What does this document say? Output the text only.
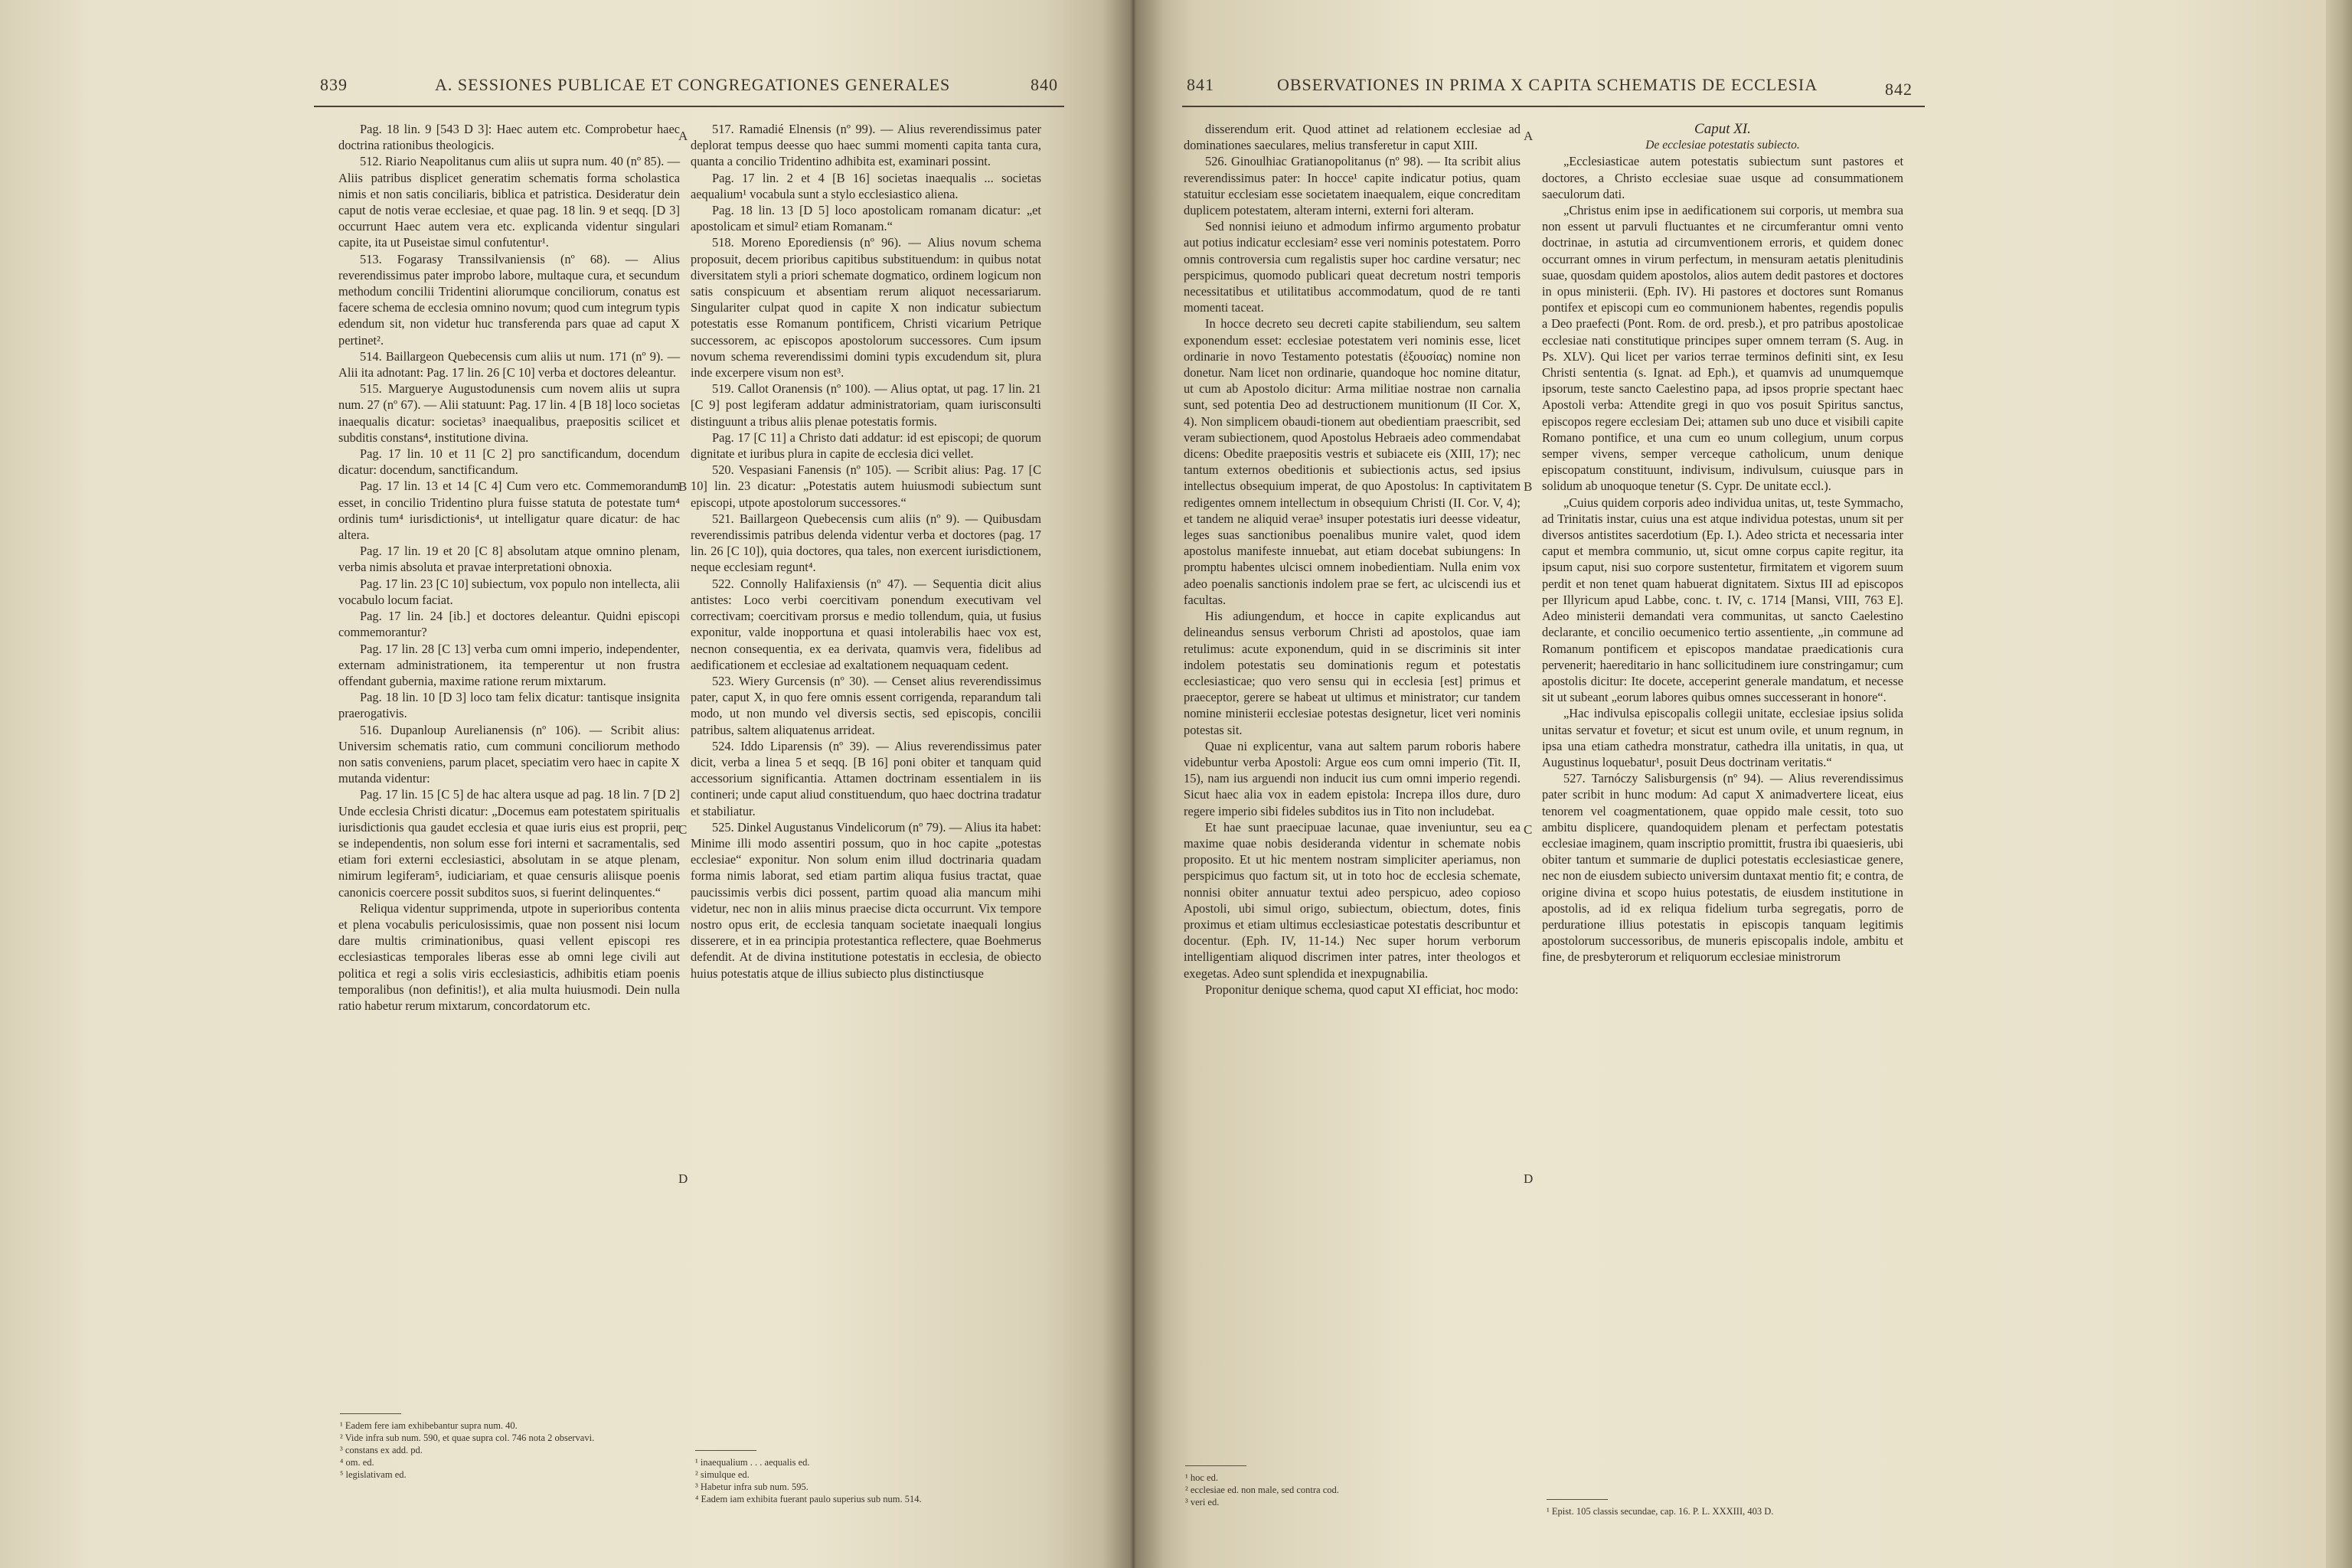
839	A. SESSIONES PUBLICAE ET CONGREGATIONES GENERALES	840

Pag. 18 lin. 9 [543 D 3]: Haec autem etc. Comprobetur haec doctrina rationibus theologicis.

512. Riario Neapolitanus cum aliis ut supra num. 40 (nº 85). — Aliis patribus displicet generatim schematis forma scholastica nimis et non satis conciliaris, biblica et patristica. Desideratur dein caput de notis verae ecclesiae, et quae pag. 18 lin. 9 et seqq. [D 3] occurrunt Haec autem vera etc. explicanda videntur singulari capite, ita ut Puseistae simul confutentur¹.

513. Fogarasy Transsilvaniensis (nº 68). — Alius reverendissimus pater improbo labore, multaque cura, et secundum methodum concilii Tridentini aliorumque conciliorum, conatus est facere schema de ecclesia omnino novum; quod cum integrum typis edendum sit, non videtur huc transferenda pars quae ad caput X pertinet².

514. Baillargeon Quebecensis cum aliis ut num. 171 (nº 9). — Alii ita adnotant: Pag. 17 lin. 26 [C 10] verba et doctores deleantur.

515. Marguerye Augustodunensis cum novem aliis ut supra num. 27 (nº 67). — Alii statuunt: Pag. 17 lin. 4 [B 18] loco societas inaequalis dicatur: societas³ inaequalibus, praepositis scilicet et subditis constans⁴, institutione divina.

Pag. 17 lin. 10 et 11 [C 2] pro sanctificandum, docendum dicatur: docendum, sanctificandum.

Pag. 17 lin. 13 et 14 [C 4] Cum vero etc. Commemorandum esset, in concilio Tridentino plura fuisse statuta de potestate tum⁴ ordinis tum⁴ iurisdictionis⁴, ut intelligatur quare dicatur: de hac altera.

Pag. 17 lin. 19 et 20 [C 8] absolutam atque omnino plenam, verba nimis absoluta et pravae interpretationi obnoxia.

Pag. 17 lin. 23 [C 10] subiectum, vox populo non intellecta, alii vocabulo locum faciat.

Pag. 17 lin. 24 [ib.] et doctores deleantur. Quidni episcopi commemorantur?

Pag. 17 lin. 28 [C 13] verba cum omni imperio, independenter, externam administrationem, ita temperentur ut non frustra offendant gubernia, maxime ratione rerum mixtarum.

Pag. 18 lin. 10 [D 3] loco tam felix dicatur: tantisque insignita praerogativis.

516. Dupanloup Aurelianensis (nº 106). — Scribit alius: Universim schematis ratio, cum communi conciliorum methodo non satis conveniens, parum placet, speciatim vero haec in capite X mutanda videntur:

Pag. 17 lin. 15 [C 5] de hac altera usque ad pag. 18 lin. 7 [D 2] Unde ecclesia Christi dicatur: „Docemus eam potestatem spiritualis iurisdictionis qua gaudet ecclesia et quae iuris eius est proprii, per se independentis, non solum esse fori interni et sacramentalis, sed etiam fori externi ecclesiastici, absolutam in se atque plenam, nimirum legiferam⁵, iudiciariam, et quae censuris aliisque poenis canonicis coercere possit subditos suos, si fuerint delinquentes.“

Reliqua videntur supprimenda, utpote in superioribus contenta et plena vocabulis periculosissimis, quae non possent nisi locum dare multis criminationibus, quasi vellent episcopi res ecclesiasticas temporales liberas esse ab omni lege civili aut politica et regi a solis viris ecclesiasticis, adhibitis etiam poenis temporalibus (non definitis!), et alia multa huiusmodi. Dein nulla ratio habetur rerum mixtarum, concordatorum etc.

517. Ramadié Elnensis (nº 99). — Alius reverendissimus pater deplorat tempus deesse quo haec summi momenti capita tanta cura, quanta a concilio Tridentino adhibita est, examinari possint.

Pag. 17 lin. 2 et 4 [B 16] societas inaequalis ... societas aequalium¹ vocabula sunt a stylo ecclesiastico aliena.

Pag. 18 lin. 13 [D 5] loco apostolicam romanam dicatur: „et apostolicam et simul² etiam Romanam.“

518. Moreno Eporediensis (nº 96). — Alius novum schema proposuit, decem prioribus capitibus substituendum: in quibus notat diversitatem styli a priori schemate dogmatico, ordinem logicum non satis conspicuum et absentiam rerum aliquot necessariarum. Singulariter culpat quod in capite X non indicatur subiectum potestatis esse Romanum pontificem, Christi vicarium Petrique successorem, ac episcopos apostolorum successores. Cum ipsum novum schema reverendissimi domini typis excudendum sit, plura inde excerpere visum non est³.

519. Callot Oranensis (nº 100). — Alius optat, ut pag. 17 lin. 21 [C 9] post legiferam addatur administratoriam, quam iurisconsulti distinguunt a tribus aliis plenae potestatis formis.

Pag. 17 [C 11] a Christo dati addatur: id est episcopi; de quorum dignitate et iuribus plura in capite de ecclesia dici vellet.

520. Vespasiani Fanensis (nº 105). — Scribit alius: Pag. 17 [C 10] lin. 23 dicatur: „Potestatis autem huiusmodi subiectum sunt episcopi, utpote apostolorum successores.“

521. Baillargeon Quebecensis cum aliis (nº 9). — Quibusdam reverendissimis patribus delenda videntur verba et doctores (pag. 17 lin. 26 [C 10]), quia doctores, qua tales, non exercent iurisdictionem, neque ecclesiam regunt⁴.

522. Connolly Halifaxiensis (nº 47). — Sequentia dicit alius antistes: Loco verbi coercitivam ponendum executivam vel correctivam; coercitivam prorsus e medio tollendum, quia, ut fusius exponitur, valde inopportuna et quasi intolerabilis haec vox est, necnon consequentia, ex ea derivata, quamvis vera, fidelibus ad aedificationem et ecclesiae ad exaltationem nequaquam cedent.

523. Wiery Gurcensis (nº 30). — Censet alius reverendissimus pater, caput X, in quo fere omnis essent corrigenda, reparandum tali modo, ut non mundo vel diversis sectis, sed episcopis, concilii patribus, saltem aliquatenus arrideat.

524. Iddo Liparensis (nº 39). — Alius reverendissimus pater dicit, verba a linea 5 et seqq. [B 16] poni obiter et tanquam quid accessorium significantia. Attamen doctrinam essentialem in iis contineri; unde caput aliud constituendum, quo haec doctrina tradatur et stabiliatur.

525. Dinkel Augustanus Vindelicorum (nº 79). — Alius ita habet: Minime illi modo assentiri possum, quo in hoc capite „potestas ecclesiae“ exponitur. Non solum enim illud doctrinaria quadam forma nimis laborat, sed etiam partim aliqua fusius tractat, quae paucissimis verbis dici possent, partim quoad alia mancum mihi videtur, nec non in aliis minus praecise dicta occurrunt. Vix tempore nostro opus erit, de ecclesia tanquam societate inaequali longius disserere, et in ea principia protestantica reflectere, quae Boehmerus defendit. At de divina institutione potestatis in ecclesia, de obiecto huius potestatis atque de illius subiecto plus distinctiusque

A
B
C
D
¹ Eadem fere iam exhibebantur supra num. 40.
² Vide infra sub num. 590, et quae supra col. 746 nota 2 observavi.
³ constans ex add. pd.
⁴ om. ed.
⁵ legislativam ed.
¹ inaequalium . . . aequalis ed.
² simulque ed.
³ Habetur infra sub num. 595.
⁴ Eadem iam exhibita fuerant paulo superius sub num. 514.
841	OBSERVATIONES IN PRIMA X CAPITA SCHEMATIS DE ECCLESIA	842

disserendum erit. Quod attinet ad relationem ecclesiae ad dominationes saeculares, melius transferetur in caput XIII.

526. Ginoulhiac Gratianopolitanus (nº 98). — Ita scribit alius reverendissimus pater: In hocce¹ capite indicatur potius, quam statuitur ecclesiam esse societatem inaequalem, eique concreditam duplicem potestatem, alteram interni, externi fori alteram.

Sed nonnisi ieiuno et admodum infirmo argumento probatur aut potius indicatur ecclesiam² esse veri nominis potestatem. Porro omnis controversia cum regalistis super hoc cardine versatur; nec perspicimus, quomodo publicari queat decretum nostri temporis necessitatibus et utilitatibus accommodatum, quod de re tanti momenti taceat.

In hocce decreto seu decreti capite stabiliendum, seu saltem exponendum esset: ecclesiae potestatem veri nominis esse, licet ordinarie in novo Testamento potestatis (ἐξουσίας) nomine non donetur. Nam licet non ordinarie, quandoque hoc nomine ditatur, ut cum ab Apostolo dicitur: Arma militiae nostrae non carnalia sunt, sed potentia Deo ad destructionem munitionum (II Cor. X, 4). Non simplicem obaudi-tionem aut obedientiam praescribit, sed veram subiectionem, quod Apostolus Hebraeis adeo commendabat dicens: Obedite praepositis vestris et subiacete eis (XIII, 17); nec tantum externos obeditionis et subiectionis actus, sed ipsius intellectus obsequium imperat, de quo Apostolus: In captivitatem redigentes omnem intellectum in obsequium Christi (II. Cor. V, 4); et tandem ne aliquid verae³ insuper potestatis iuri deesse videatur, leges suas sanctionibus poenalibus munire valet, quod idem apostolus manifeste innuebat, aut etiam docebat subiungens: In promptu habentes ulcisci omnem inobedientiam. Nulla enim vox adeo poenalis sanctionis indolem prae se fert, ac ulciscendi ius et facultas.

His adiungendum, et hocce in capite explicandus aut delineandus sensus verborum Christi ad apostolos, quae iam retulimus: acute exponendum, quid in se discriminis sit inter indolem potestatis seu dominationis regum et potestatis ecclesiasticae; quo vero sensu qui in ecclesia [est] primus et praeceptor, gerere se habeat ut ultimus et ministrator; cur tandem nomine ministerii ecclesiae potestas designetur, licet veri nominis potestas sit.

Quae ni explicentur, vana aut saltem parum roboris habere videbuntur verba Apostoli: Argue eos cum omni imperio (Tit. II, 15), nam ius arguendi non inducit ius cum omni imperio regendi. Sicut haec alia vox in eadem epistola: Increpa illos dure, duro regere imperio sibi fideles subditos ius in Tito non includebat.

Et hae sunt praecipuae lacunae, quae inveniuntur, seu ea maxime quae nobis desideranda videntur in schemate nobis proposito. Et ut hic mentem nostram simpliciter aperiamus, non perspicimus quo factum sit, ut in toto hoc de ecclesia schemate, nonnisi obiter annuatur textui adeo perspicuo, adeo copioso Apostoli, ubi simul origo, subiectum, obiectum, dotes, finis proximus et etiam ultimus ecclesiasticae potestatis describuntur et docentur. (Eph. IV, 11-14.) Nec super horum verborum intelligentiam aliquod discrimen inter patres, inter theologos et exegetas. Adeo sunt splendida et inexpugnabilia.

Proponitur denique schema, quod caput XI efficiat, hoc modo:

Caput XI.

De ecclesiae potestatis subiecto.

„Ecclesiasticae autem potestatis subiectum sunt pastores et doctores, a Christo ecclesiae suae usque ad consummationem saeculorum dati.

„Christus enim ipse in aedificationem sui corporis, ut membra sua non essent ut parvuli fluctuantes et ne circumferantur omni vento doctrinae, in astutia ad circumventionem erroris, et quidem donec occurrant omnes in virum perfectum, in mensuram aetatis plenitudinis suae, quosdam quidem apostolos, alios autem dedit pastores et doctores in opus ministerii. (Eph. IV). Hi pastores et doctores sunt Romanus pontifex et episcopi cum eo communionem habentes, regendis populis a Deo praefecti (Pont. Rom. de ord. presb.), et pro patribus apostolicae ecclesiae nati constitutique principes super omnem terram (S. Aug. in Ps. XLV). Qui licet per varios terrae terminos definiti sint, ex Iesu Christi sententia (s. Ignat. ad Eph.), et quamvis ad unumquemque ipsorum, teste sancto Caelestino papa, ad ipsos proprie spectant haec Apostoli verba: Attendite gregi in quo vos posuit Spiritus sanctus, episcopos regere ecclesiam Dei; attamen sub uno duce et visibili capite Romano pontifice, et una cum eo unum collegium, unum corpus semper vivens, semper verceque catholicum, unum denique episcopatum constituunt, indivisum, indivulsum, cuiusque pars in solidum ab unoquoque tenetur (S. Cypr. De unitate eccl.).

„Cuius quidem corporis adeo individua unitas, ut, teste Symmacho, ad Trinitatis instar, cuius una est atque individua potestas, unum sit per diversos antistites sacerdotium (Ep. I.). Adeo stricta et necessaria inter caput et membra communio, ut, sicut omne corpus capite regitur, ita ipsum caput, nisi suo corpore sustentetur, firmitatem et vigorem suum perdit et non tenet quam habuerat dignitatem. Sixtus III ad episcopos per Illyricum apud Labbe, conc. t. IV, c. 1714 [Mansi, VIII, 763 E]. Adeo ministerii demandati vera communitas, ut sancto Caelestino declarante, et concilio oecumenico tertio assentiente, „in commune ad Romanum pontificem et episcopos mandatae praedicationis cura pervenerit; haereditario in hanc sollicitudinem iure constringamur; cum apostolis dicitur: Ite docete, acceperint generale mandatum, et necesse sit ut subeant „eorum labores quibus omnes successerant in honore“.

„Hac indivulsa episcopalis collegii unitate, ecclesiae ipsius solida unitas servatur et fovetur; et sicut est unum ovile, et unum regnum, in ipsa una etiam cathedra monstratur, cathedra illa unitatis, in qua, ut Augustinus loquebatur¹, posuit Deus doctrinam veritatis.“

527. Tarnóczy Salisburgensis (nº 94). — Alius reverendissimus pater scribit in hunc modum: Ad caput X animadvertere liceat, eius tenorem vel coagmentationem, quae oppido male cessit, toto suo ambitu displicere, quandoquidem plenam et perfectam potestatis ecclesiae imaginem, quam inscriptio promittit, frustra ibi quaesieris, ubi obiter tantum et summarie de duplici potestatis ecclesiasticae genere, nec non de eiusdem subiecto universim duntaxat mentio fit; e contra, de origine divina et scopo huius potestatis, de eiusdem institutione in apostolis, ad id ex reliqua fidelium turba segregatis, porro de perduratione illius potestatis in episcopis tanquam legitimis apostolorum successoribus, de muneris episcopalis indole, ambitu et fine, de presbyterorum et reliquorum ecclesiae ministrorum

A
B
C
D
¹ hoc ed.
² ecclesiae ed. non male, sed contra cod.
³ veri ed.
¹ Epist. 105 classis secundae, cap. 16. P. L. XXXIII, 403 D.
